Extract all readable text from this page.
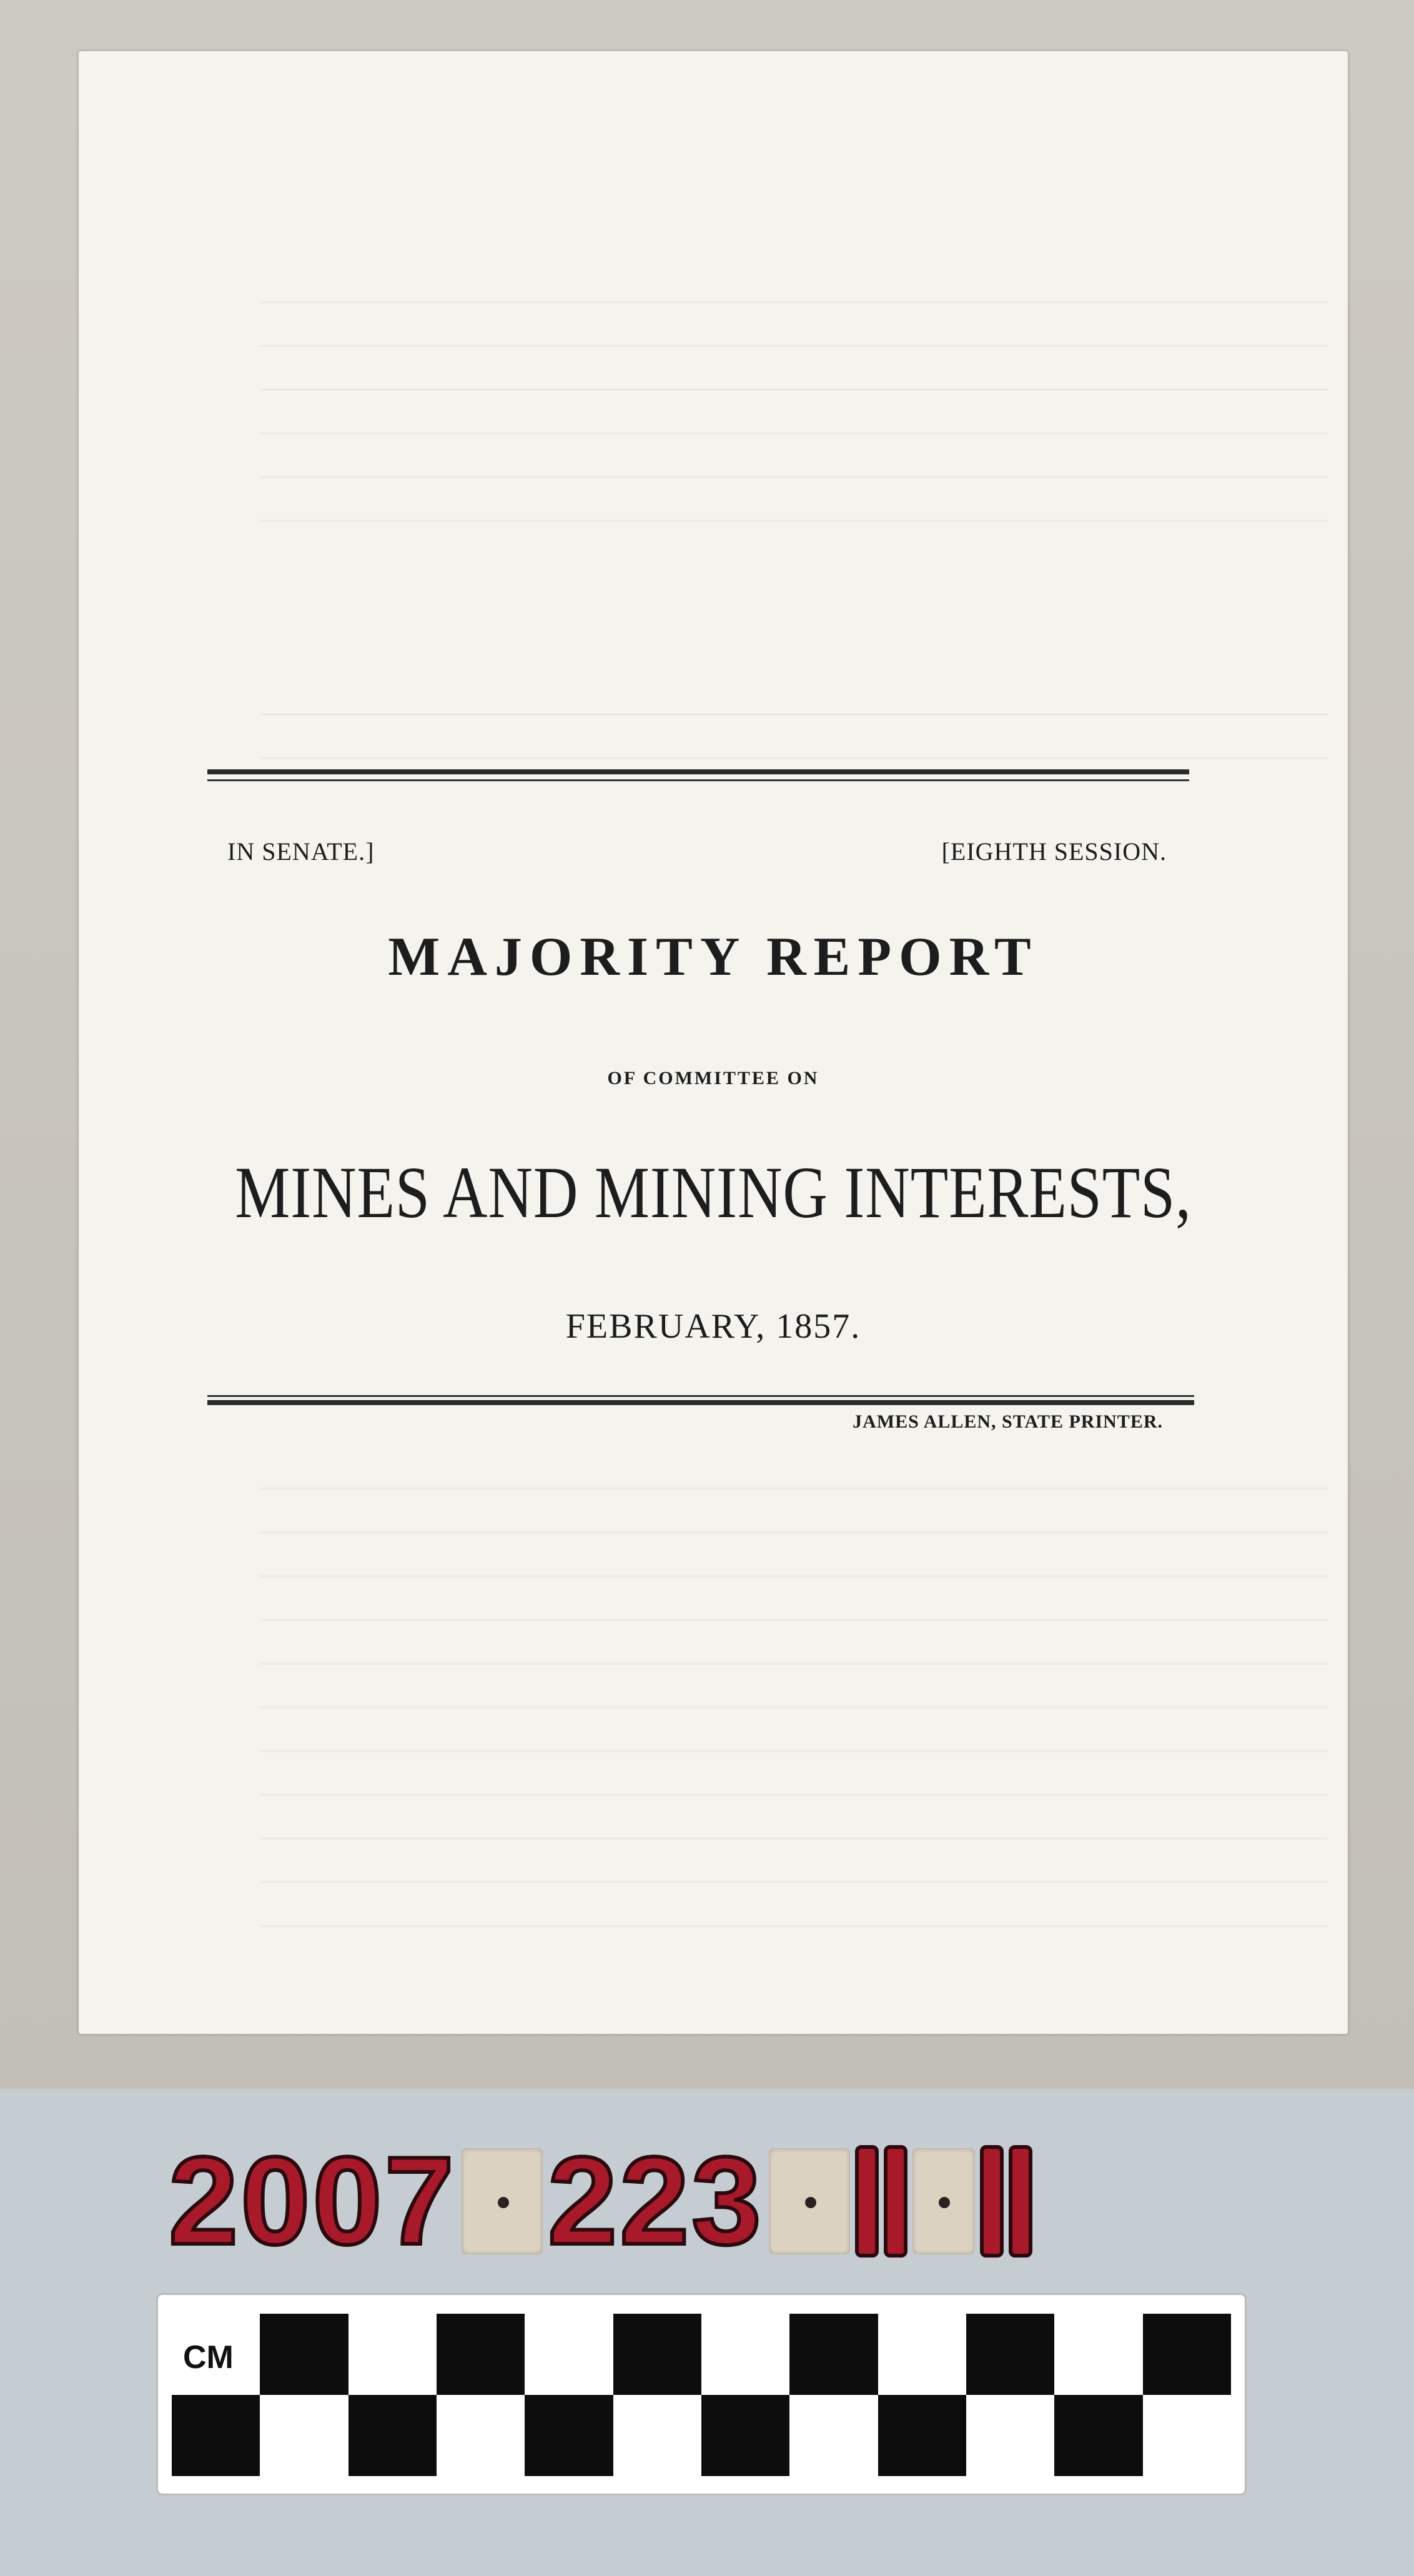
IN SENATE.]	[EIGHTH SESSION.
MAJORITY REPORT
OF COMMITTEE ON
MINES AND MINING INTERESTS,
FEBRUARY, 1857.
JAMES ALLEN, STATE PRINTER.
2007 223
CM
